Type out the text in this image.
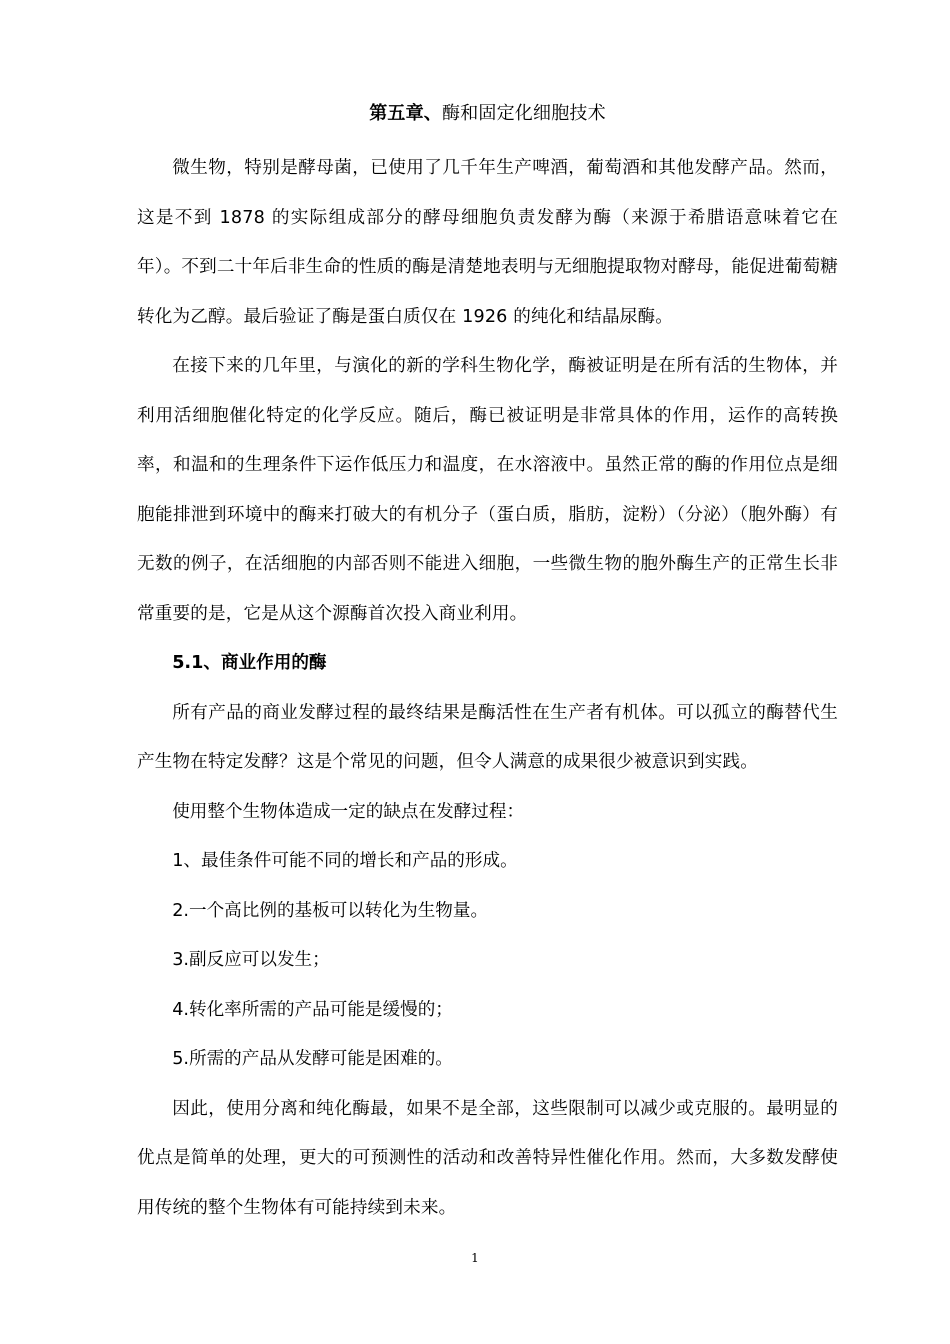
第五章、酶和固定化细胞技术

微生物，特别是酵母菌，已使用了几千年生产啤酒，葡萄酒和其他发酵产品。然而，这是不到 1878 的实际组成部分的酵母细胞负责发酵为酶（来源于希腊语意味着它在年）。不到二十年后非生命的性质的酶是清楚地表明与无细胞提取物对酵母，能促进葡萄糖转化为乙醇。最后验证了酶是蛋白质仅在 1926 的纯化和结晶尿酶。

在接下来的几年里，与演化的新的学科生物化学，酶被证明是在所有活的生物体，并利用活细胞催化特定的化学反应。随后，酶已被证明是非常具体的作用，运作的高转换率，和温和的生理条件下运作低压力和温度，在水溶液中。虽然正常的酶的作用位点是细胞能排泄到环境中的酶来打破大的有机分子（蛋白质，脂肪，淀粉）（分泌）（胞外酶）有无数的例子，在活细胞的内部否则不能进入细胞，一些微生物的胞外酶生产的正常生长非常重要的是，它是从这个源酶首次投入商业利用。

5.1、商业作用的酶

所有产品的商业发酵过程的最终结果是酶活性在生产者有机体。可以孤立的酶替代生产生物在特定发酵？这是个常见的问题，但令人满意的成果很少被意识到实践。

使用整个生物体造成一定的缺点在发酵过程：

1、最佳条件可能不同的增长和产品的形成。

2.一个高比例的基板可以转化为生物量。

3.副反应可以发生；

4.转化率所需的产品可能是缓慢的；

5.所需的产品从发酵可能是困难的。

因此，使用分离和纯化酶最，如果不是全部，这些限制可以减少或克服的。最明显的优点是简单的处理，更大的可预测性的活动和改善特异性催化作用。然而，大多数发酵使用传统的整个生物体有可能持续到未来。

1
